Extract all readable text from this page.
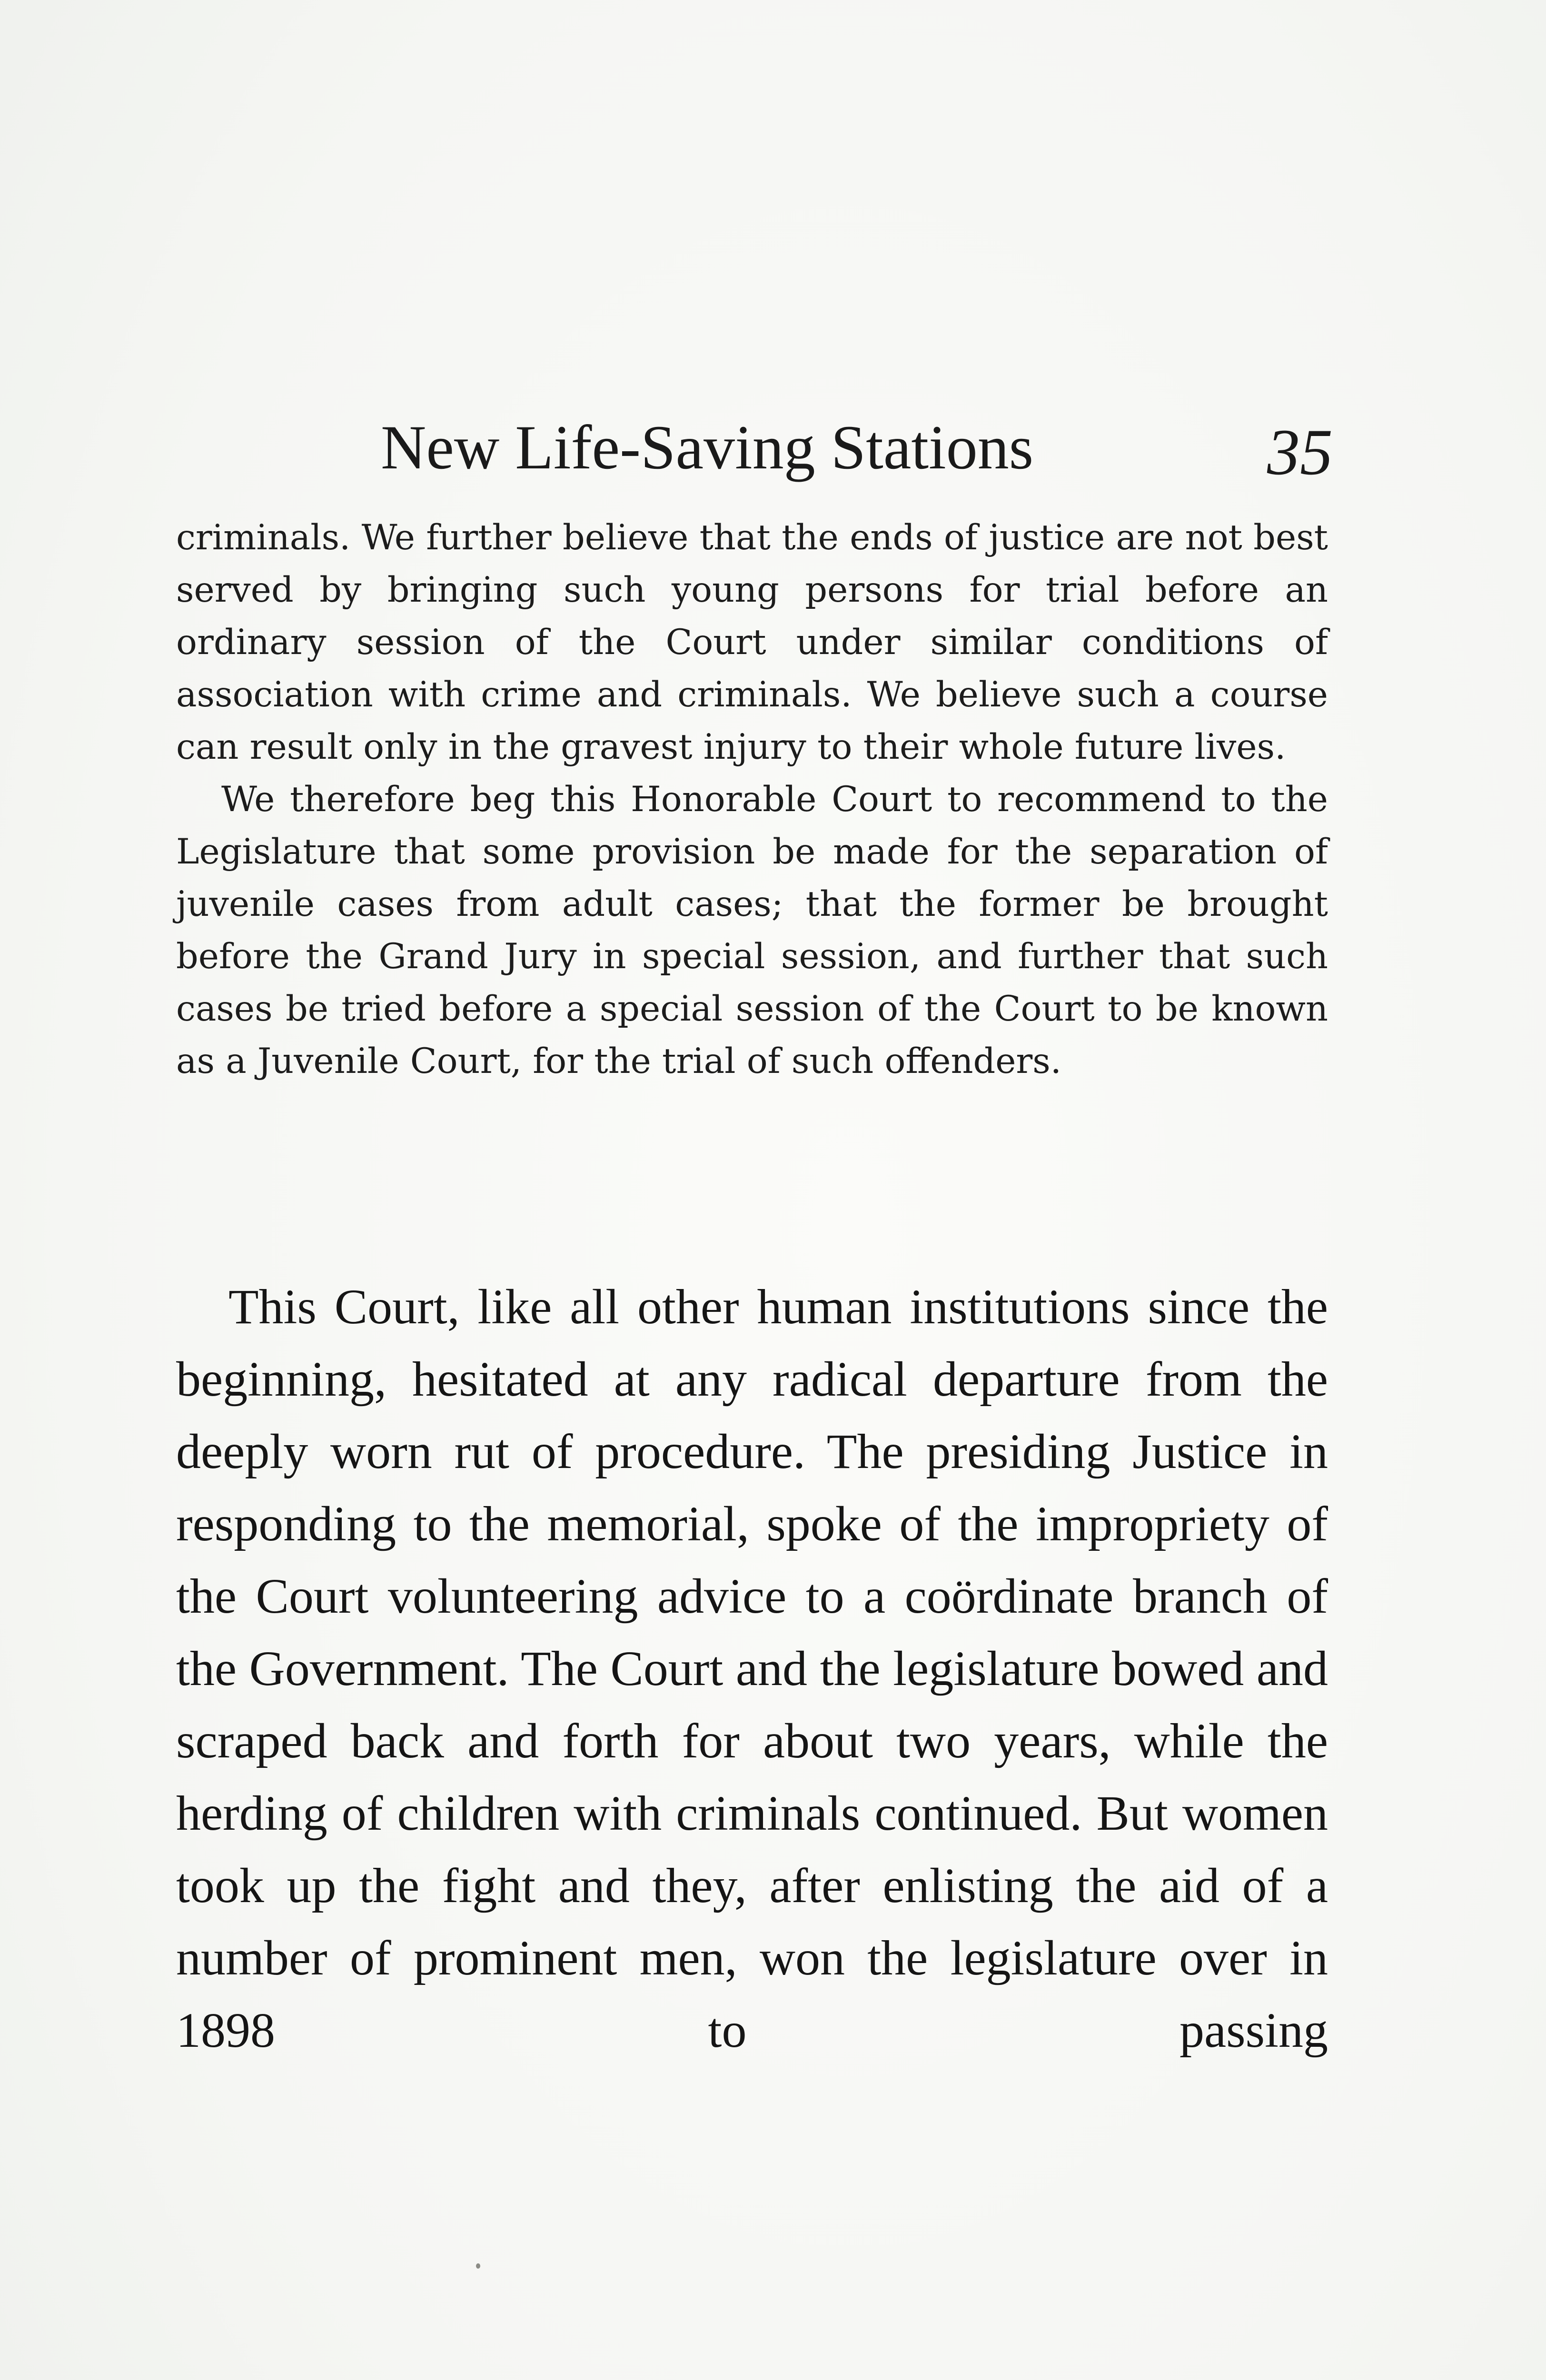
New Life-Saving Stations	35

criminals. We further believe that the ends of justice are not best served by bringing such young persons for trial before an ordinary session of the Court under similar conditions of association with crime and criminals. We believe such a course can result only in the gravest injury to their whole future lives.

We therefore beg this Honorable Court to recommend to the Legislature that some provision be made for the separation of juvenile cases from adult cases; that the former be brought before the Grand Jury in special session, and further that such cases be tried before a special session of the Court to be known as a Juvenile Court, for the trial of such offenders.

This Court, like all other human institutions since the beginning, hesitated at any radical departure from the deeply worn rut of procedure. The presiding Justice in responding to the memorial, spoke of the impropriety of the Court volunteering advice to a coördinate branch of the Government. The Court and the legislature bowed and scraped back and forth for about two years, while the herding of children with criminals continued. But women took up the fight and they, after enlisting the aid of a number of prominent men, won the legislature over in 1898 to passing
